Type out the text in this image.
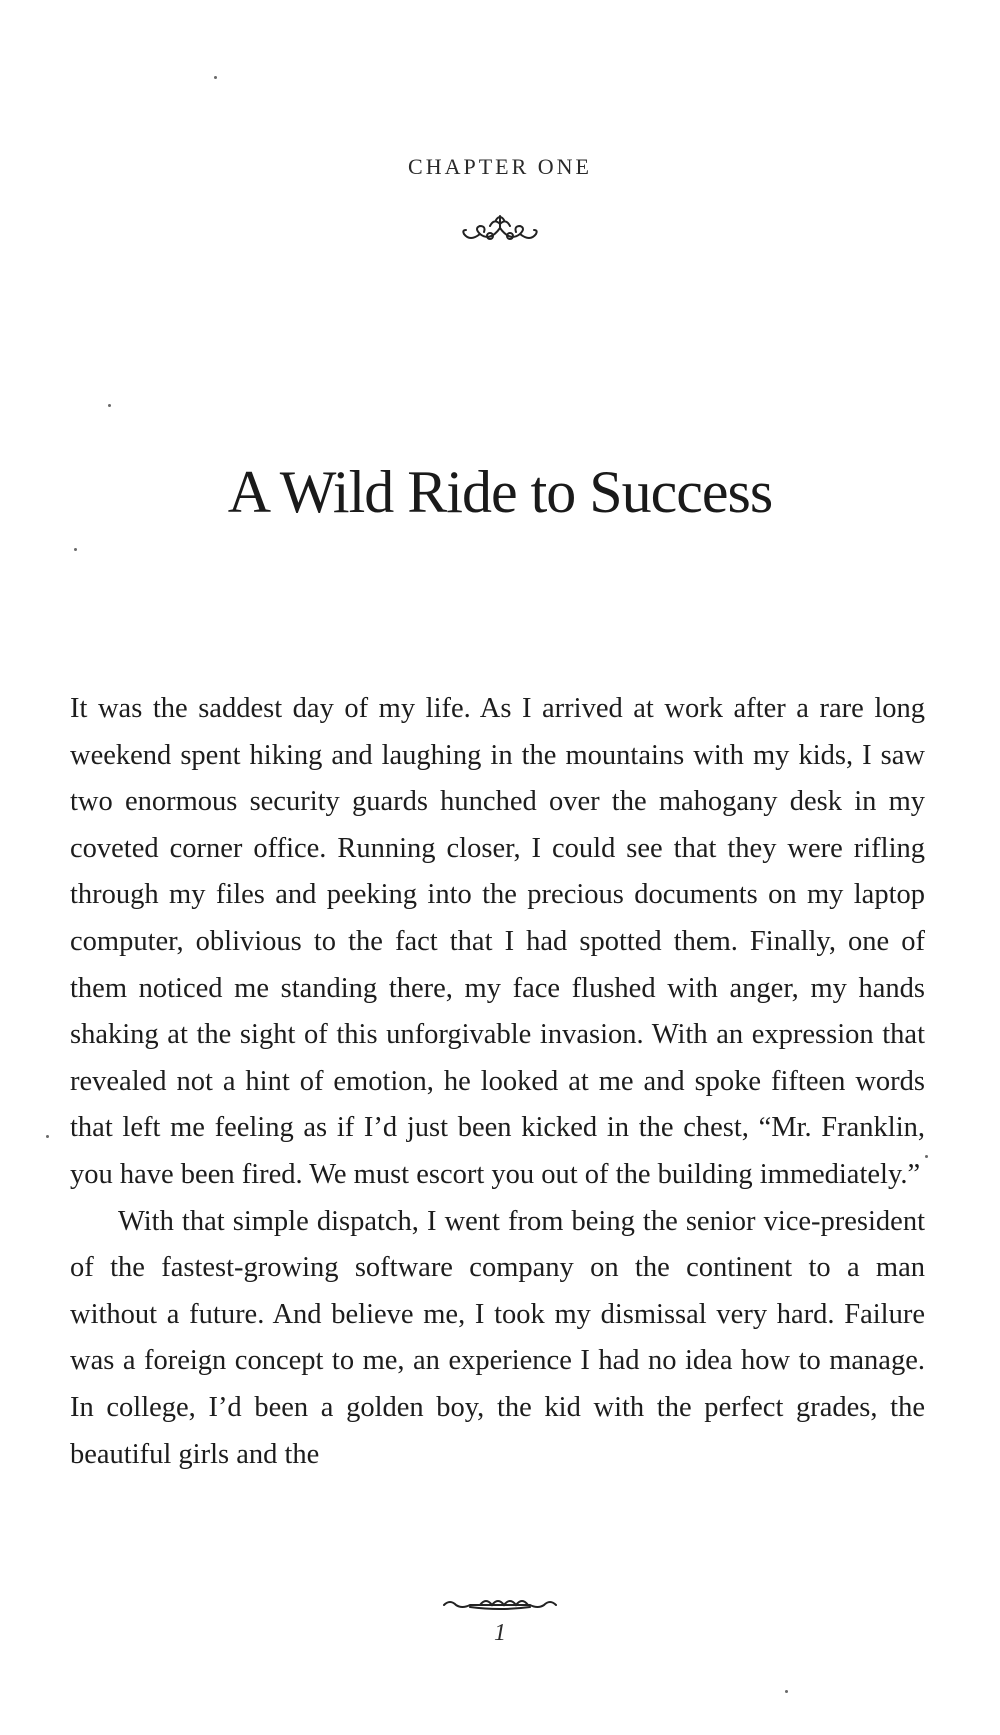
CHAPTER ONE
A Wild Ride to Success

It was the saddest day of my life. As I arrived at work after a rare long weekend spent hiking and laughing in the mountains with my kids, I saw two enormous security guards hunched over the mahogany desk in my coveted corner office. Running closer, I could see that they were rifling through my files and peeking into the precious documents on my laptop computer, oblivious to the fact that I had spotted them. Finally, one of them noticed me standing there, my face flushed with anger, my hands shaking at the sight of this unforgivable invasion. With an expression that revealed not a hint of emotion, he looked at me and spoke fifteen words that left me feeling as if I’d just been kicked in the chest, “Mr. Franklin, you have been fired. We must escort you out of the building immediately.”

With that simple dispatch, I went from being the senior vice-president of the fastest-growing software company on the continent to a man without a future. And believe me, I took my dismissal very hard. Failure was a foreign concept to me, an experience I had no idea how to manage. In college, I’d been a golden boy, the kid with the perfect grades, the beautiful girls and the

1
